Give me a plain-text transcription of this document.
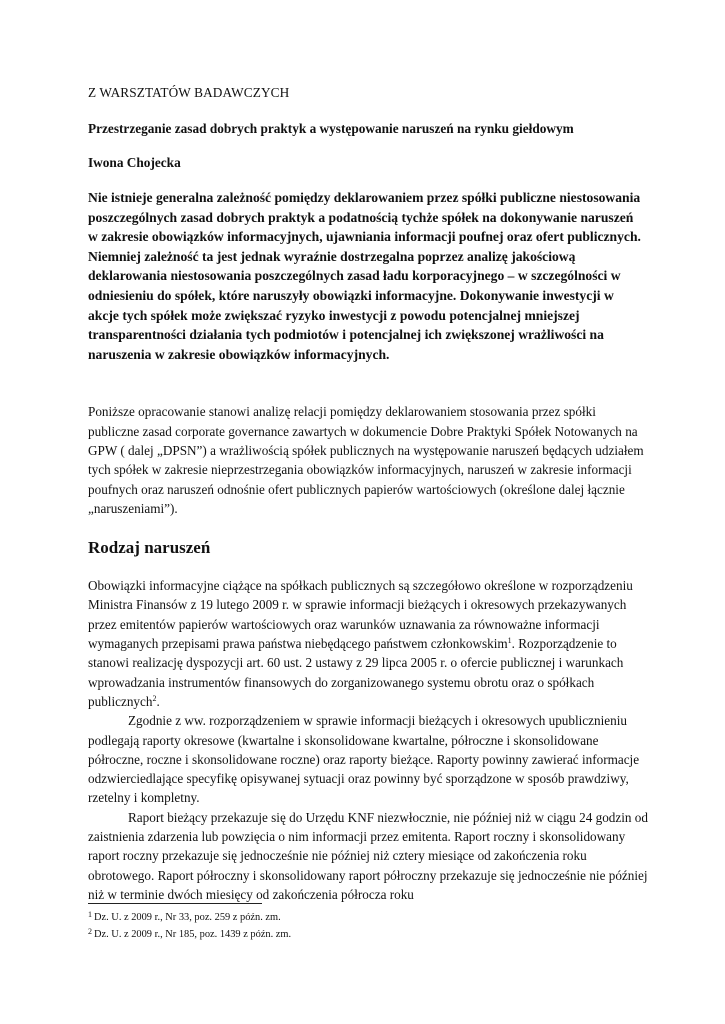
Z WARSZTATÓW BADAWCZYCH

Przestrzeganie zasad dobrych praktyk a występowanie naruszeń na rynku giełdowym

Iwona Chojecka

Nie istnieje generalna zależność pomiędzy deklarowaniem przez spółki publiczne niestosowania poszczególnych zasad dobrych praktyk a podatnością tychże spółek na dokonywanie naruszeń w zakresie obowiązków informacyjnych, ujawniania informacji poufnej oraz ofert publicznych. Niemniej zależność ta jest jednak wyraźnie dostrzegalna poprzez analizę jakościową deklarowania niestosowania poszczególnych zasad ładu korporacyjnego – w szczególności w odniesieniu do spółek, które naruszyły obowiązki informacyjne. Dokonywanie inwestycji w akcje tych spółek może zwiększać ryzyko inwestycji z powodu potencjalnej mniejszej transparentności działania tych podmiotów i potencjalnej ich zwiększonej wrażliwości na naruszenia w zakresie obowiązków informacyjnych.

Poniższe opracowanie stanowi analizę relacji pomiędzy deklarowaniem stosowania przez spółki publiczne zasad corporate governance zawartych w dokumencie Dobre Praktyki Spółek Notowanych na GPW ( dalej „DPSN”) a wrażliwością spółek publicznych na występowanie naruszeń będących udziałem tych spółek w zakresie nieprzestrzegania obowiązków informacyjnych, naruszeń w zakresie informacji poufnych oraz naruszeń odnośnie ofert publicznych papierów wartościowych (określone dalej łącznie „naruszeniami”).

Rodzaj naruszeń

Obowiązki informacyjne ciążące na spółkach publicznych są szczegółowo określone w rozporządzeniu Ministra Finansów z 19 lutego 2009 r. w sprawie informacji bieżących i okresowych przekazywanych przez emitentów papierów wartościowych oraz warunków uznawania za równoważne informacji wymaganych przepisami prawa państwa niebędącego państwem członkowskim$^1$. Rozporządzenie to stanowi realizację dyspozycji art. 60 ust. 2 ustawy z 29 lipca 2005 r. o ofercie publicznej i warunkach wprowadzania instrumentów finansowych do zorganizowanego systemu obrotu oraz o spółkach publicznych$^2$.

Zgodnie z ww. rozporządzeniem w sprawie informacji bieżących i okresowych upublicznieniu podlegają raporty okresowe (kwartalne i skonsolidowane kwartalne, półroczne i skonsolidowane półroczne, roczne i skonsolidowane roczne) oraz raporty bieżące. Raporty powinny zawierać informacje odzwierciedlające specyfikę opisywanej sytuacji oraz powinny być sporządzone w sposób prawdziwy, rzetelny i kompletny.

Raport bieżący przekazuje się do Urzędu KNF niezwłocznie, nie później niż w ciągu 24 godzin od zaistnienia zdarzenia lub powzięcia o nim informacji przez emitenta. Raport roczny i skonsolidowany raport roczny przekazuje się jednocześnie nie później niż cztery miesiące od zakończenia roku obrotowego. Raport półroczny i skonsolidowany raport półroczny przekazuje się jednocześnie nie później niż w terminie dwóch miesięcy od zakończenia półrocza roku

$^1$ Dz. U. z 2009 r., Nr 33, poz. 259 z późn. zm.

$^2$ Dz. U. z 2009 r., Nr 185, poz. 1439 z późn. zm.
